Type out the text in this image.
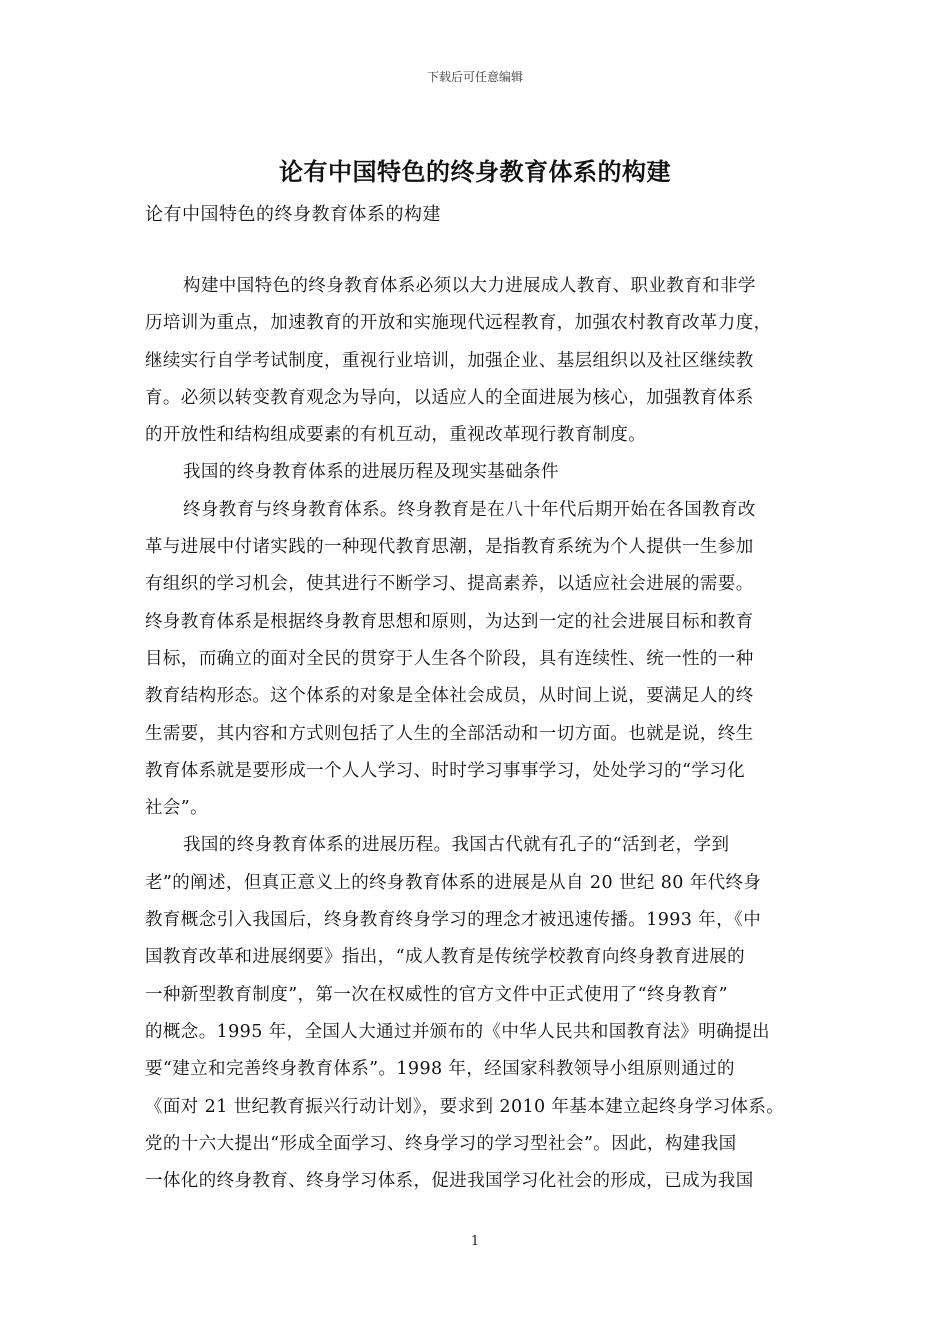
下载后可任意编辑
论有中国特色的终身教育体系的构建
论有中国特色的终身教育体系的构建
构建中国特色的终身教育体系必须以大力进展成人教育、职业教育和非学
历培训为重点，加速教育的开放和实施现代远程教育，加强农村教育改革力度，
继续实行自学考试制度，重视行业培训，加强企业、基层组织以及社区继续教
育。必须以转变教育观念为导向，以适应人的全面进展为核心，加强教育体系
的开放性和结构组成要素的有机互动，重视改革现行教育制度。
我国的终身教育体系的进展历程及现实基础条件
终身教育与终身教育体系。终身教育是在八十年代后期开始在各国教育改
革与进展中付诸实践的一种现代教育思潮，是指教育系统为个人提供一生参加
有组织的学习机会，使其进行不断学习、提高素养，以适应社会进展的需要。
终身教育体系是根据终身教育思想和原则，为达到一定的社会进展目标和教育
目标，而确立的面对全民的贯穿于人生各个阶段，具有连续性、统一性的一种
教育结构形态。这个体系的对象是全体社会成员，从时间上说，要满足人的终
生需要，其内容和方式则包括了人生的全部活动和一切方面。也就是说，终生
教育体系就是要形成一个人人学习、时时学习事事学习，处处学习的“学习化
社会”。
我国的终身教育体系的进展历程。我国古代就有孔子的“活到老，学到
老”的阐述，但真正意义上的终身教育体系的进展是从自 20 世纪 80 年代终身
教育概念引入我国后，终身教育终身学习的理念才被迅速传播。1993 年，《中
国教育改革和进展纲要》指出，“成人教育是传统学校教育向终身教育进展的
一种新型教育制度”，第一次在权威性的官方文件中正式使用了“终身教育”
的概念。1995 年，全国人大通过并颁布的《中华人民共和国教育法》明确提出
要“建立和完善终身教育体系”。1998 年，经国家科教领导小组原则通过的
《面对 21 世纪教育振兴行动计划》，要求到 2010 年基本建立起终身学习体系。
党的十六大提出“形成全面学习、终身学习的学习型社会”。因此，构建我国
一体化的终身教育、终身学习体系，促进我国学习化社会的形成，已成为我国
1
